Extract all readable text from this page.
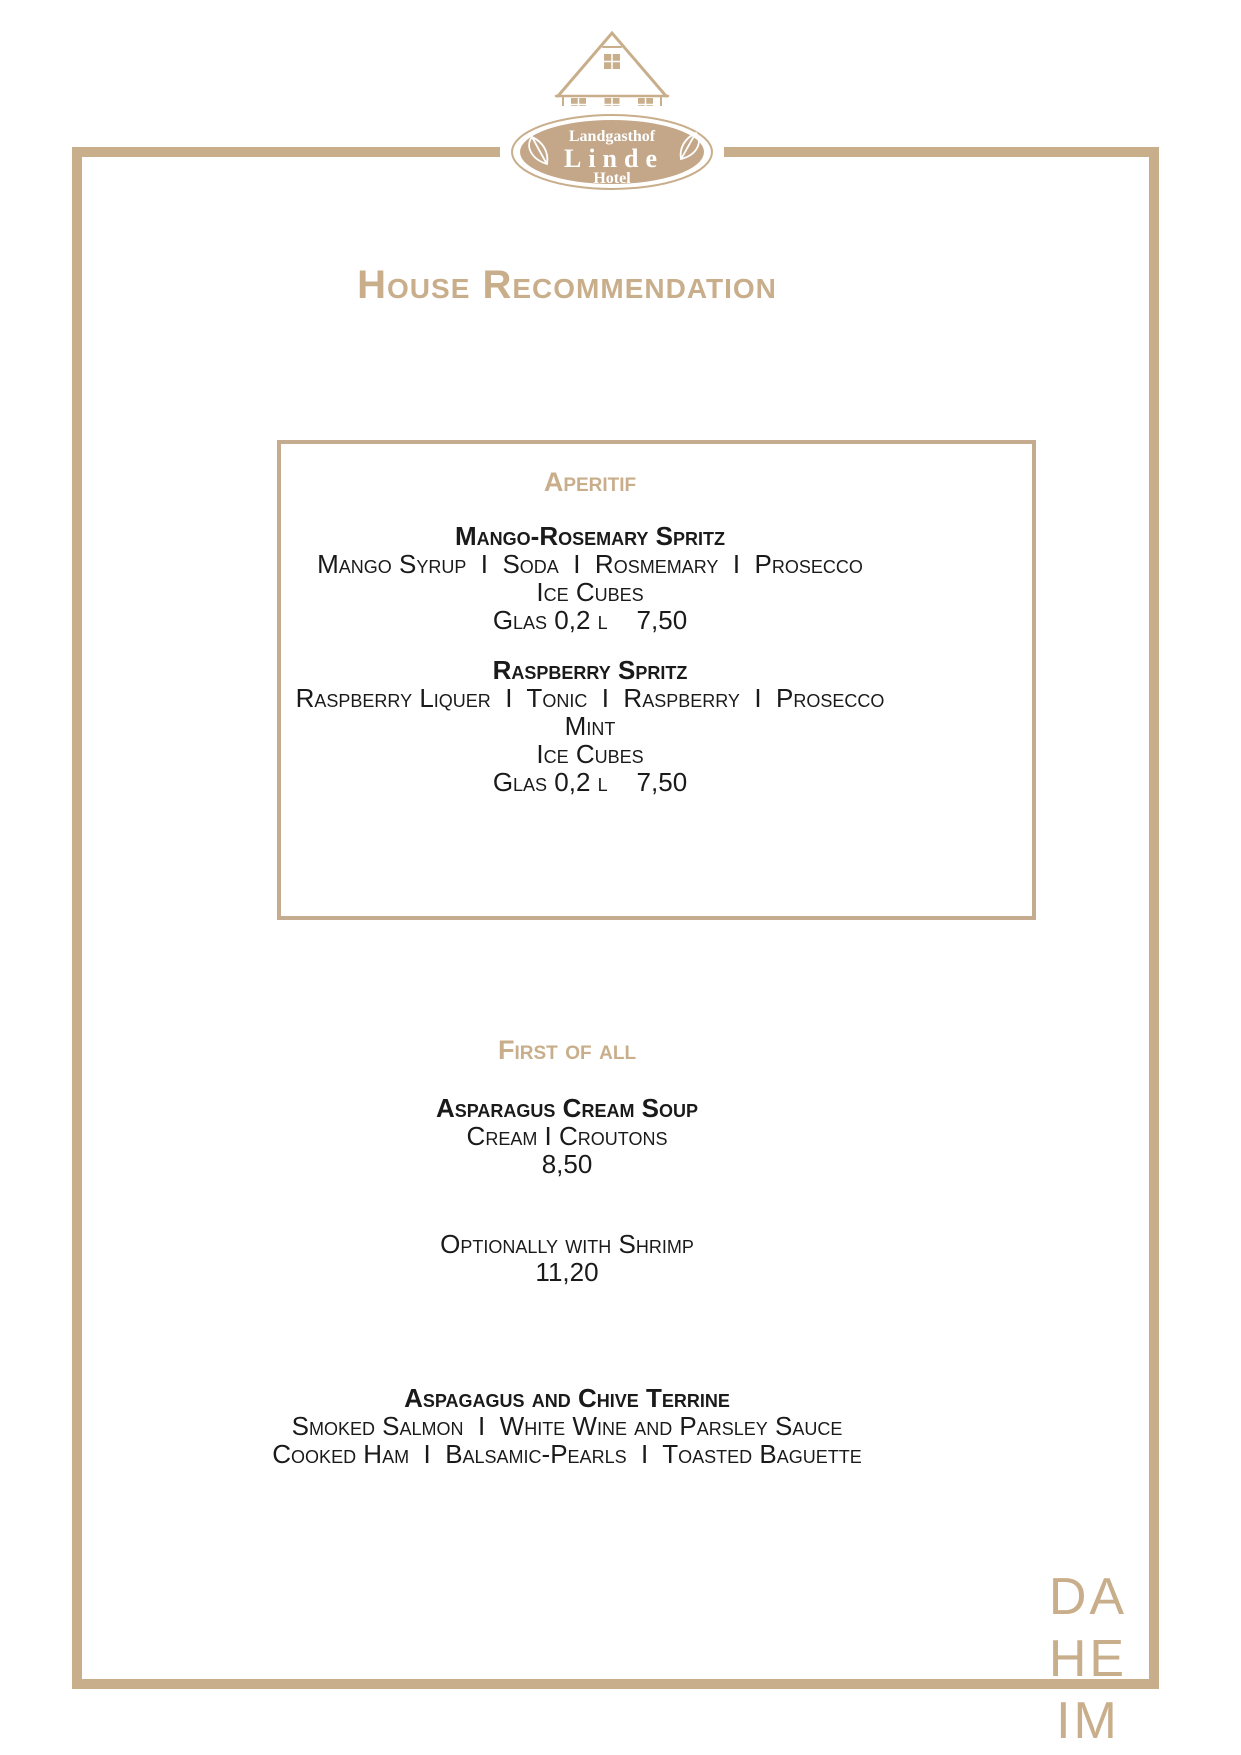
Landgasthof
Linde
Hotel
House Recommendation
Aperitif
Mango-Rosemary Spritz
Mango Syrup  I  Soda  I  Rosmemary  I  Prosecco
Ice Cubes
Glas 0,2 l    7,50
Raspberry Spritz
Raspberry Liquer  I  Tonic  I  Raspberry  I  Prosecco
Mint
Ice Cubes
Glas 0,2 l    7,50
First of all
Asparagus Cream Soup
Cream I Croutons
8,50
Optionally with Shrimp
11,20
Aspagagus and Chive Terrine
Smoked Salmon  I  White Wine and Parsley Sauce
Cooked Ham  I  Balsamic-Pearls  I  Toasted Baguette
DA
HE
IM
